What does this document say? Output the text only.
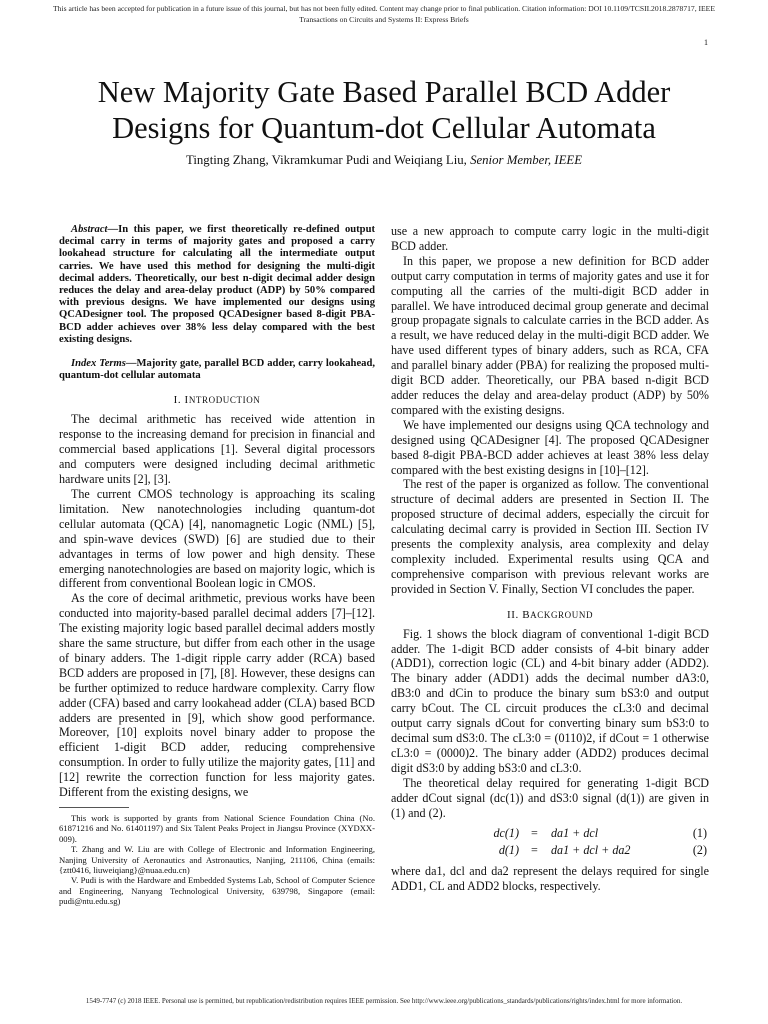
This article has been accepted for publication in a future issue of this journal, but has not been fully edited. Content may change prior to final publication. Citation information: DOI 10.1109/TCSII.2018.2878717, IEEE
Transactions on Circuits and Systems II: Express Briefs
1
New Majority Gate Based Parallel BCD Adder
Designs for Quantum-dot Cellular Automata
Tingting Zhang, Vikramkumar Pudi and Weiqiang Liu, Senior Member, IEEE

Abstract—In this paper, we first theoretically re-defined output decimal carry in terms of majority gates and proposed a carry lookahead structure for calculating all the intermediate output carries. We have used this method for designing the multi-digit decimal adders. Theoretically, our best n-digit decimal adder design reduces the delay and area-delay product (ADP) by 50% compared with previous designs. We have implemented our designs using QCADesigner tool. The proposed QCADesigner based 8-digit PBA-BCD adder achieves over 38% less delay compared with the best existing designs.

Index Terms—Majority gate, parallel BCD adder, carry lookahead, quantum-dot cellular automata

I. INTRODUCTION

The decimal arithmetic has received wide attention in response to the increasing demand for precision in financial and commercial based applications [1]. Several digital processors and computers were designed including decimal arithmetic hardware units [2], [3].

The current CMOS technology is approaching its scaling limitation. New nanotechnologies including quantum-dot cellular automata (QCA) [4], nanomagnetic Logic (NML) [5], and spin-wave devices (SWD) [6] are studied due to their advantages in terms of low power and high density. These emerging nanotechnologies are based on majority logic, which is different from conventional Boolean logic in CMOS.

As the core of decimal arithmetic, previous works have been conducted into majority-based parallel decimal adders [7]–[12]. The existing majority logic based parallel decimal adders mostly share the same structure, but differ from each other in the usage of binary adders. The 1-digit ripple carry adder (RCA) based BCD adders are proposed in [7], [8]. However, these designs can be further optimized to reduce hardware complexity. Carry flow adder (CFA) based and carry lookahead adder (CLA) based BCD adders are presented in [9], which show good performance. Moreover, [10] exploits novel binary adder to propose the efficient 1-digit BCD adder, reducing comprehensive consumption. In order to fully utilize the majority gates, [11] and [12] rewrite the correction function for less majority gates. Different from the existing designs, we

This work is supported by grants from National Science Foundation China (No. 61871216 and No. 61401197) and Six Talent Peaks Project in Jiangsu Province (XYDXX-009).

T. Zhang and W. Liu are with College of Electronic and Information Engineering, Nanjing University of Aeronautics and Astronautics, Nanjing, 211106, China (emails: {ztt0416, liuweiqiang}@nuaa.edu.cn)

V. Pudi is with the Hardware and Embedded Systems Lab, School of Computer Science and Engineering, Nanyang Technological University, 639798, Singapore (email: pudi@ntu.edu.sg)

use a new approach to compute carry logic in the multi-digit BCD adder.

In this paper, we propose a new definition for BCD adder output carry computation in terms of majority gates and use it for computing all the carries of the multi-digit BCD adder in parallel. We have introduced decimal group generate and decimal group propagate signals to calculate carries in the BCD adder. As a result, we have reduced delay in the multi-digit BCD adder. We have used different types of binary adders, such as RCA, CFA and parallel binary adder (PBA) for realizing the proposed multi-digit BCD adder. Theoretically, our PBA based n-digit BCD adder reduces the delay and area-delay product (ADP) by 50% compared with the existing designs.

We have implemented our designs using QCA technology and designed using QCADesigner [4]. The proposed QCADesigner based 8-digit PBA-BCD adder achieves at least 38% less delay compared with the best existing designs in [10]–[12].

The rest of the paper is organized as follow. The conventional structure of decimal adders are presented in Section II. The proposed structure of decimal adders, especially the circuit for calculating decimal carry is provided in Section III. Section IV presents the complexity analysis, area complexity and delay complexity included. Experimental results using QCA and comprehensive comparison with previous relevant works are provided in Section V. Finally, Section VI concludes the paper.

II. BACKGROUND

Fig. 1 shows the block diagram of conventional 1-digit BCD adder. The 1-digit BCD adder consists of 4-bit binary adder (ADD1), correction logic (CL) and 4-bit binary adder (ADD2). The binary adder (ADD1) adds the decimal number dA3:0, dB3:0 and dCin to produce the binary sum bS3:0 and output carry bCout. The CL circuit produces the cL3:0 and decimal output carry signals dCout for converting binary sum bS3:0 to decimal sum dS3:0. The cL3:0 = (0110)2, if dCout = 1 otherwise cL3:0 = (0000)2. The binary adder (ADD2) produces decimal digit dS3:0 by adding bS3:0 and cL3:0.

The theoretical delay required for generating 1-digit BCD adder dCout signal (dc(1)) and dS3:0 signal (d(1)) are given in (1) and (2).

dc(1) = da1 + dcl	(1)
d(1) = da1 + dcl + da2	(2)

where da1, dcl and da2 represent the delays required for single ADD1, CL and ADD2 blocks, respectively.

1549-7747 (c) 2018 IEEE. Personal use is permitted, but republication/redistribution requires IEEE permission. See http://www.ieee.org/publications_standards/publications/rights/index.html for more information.
